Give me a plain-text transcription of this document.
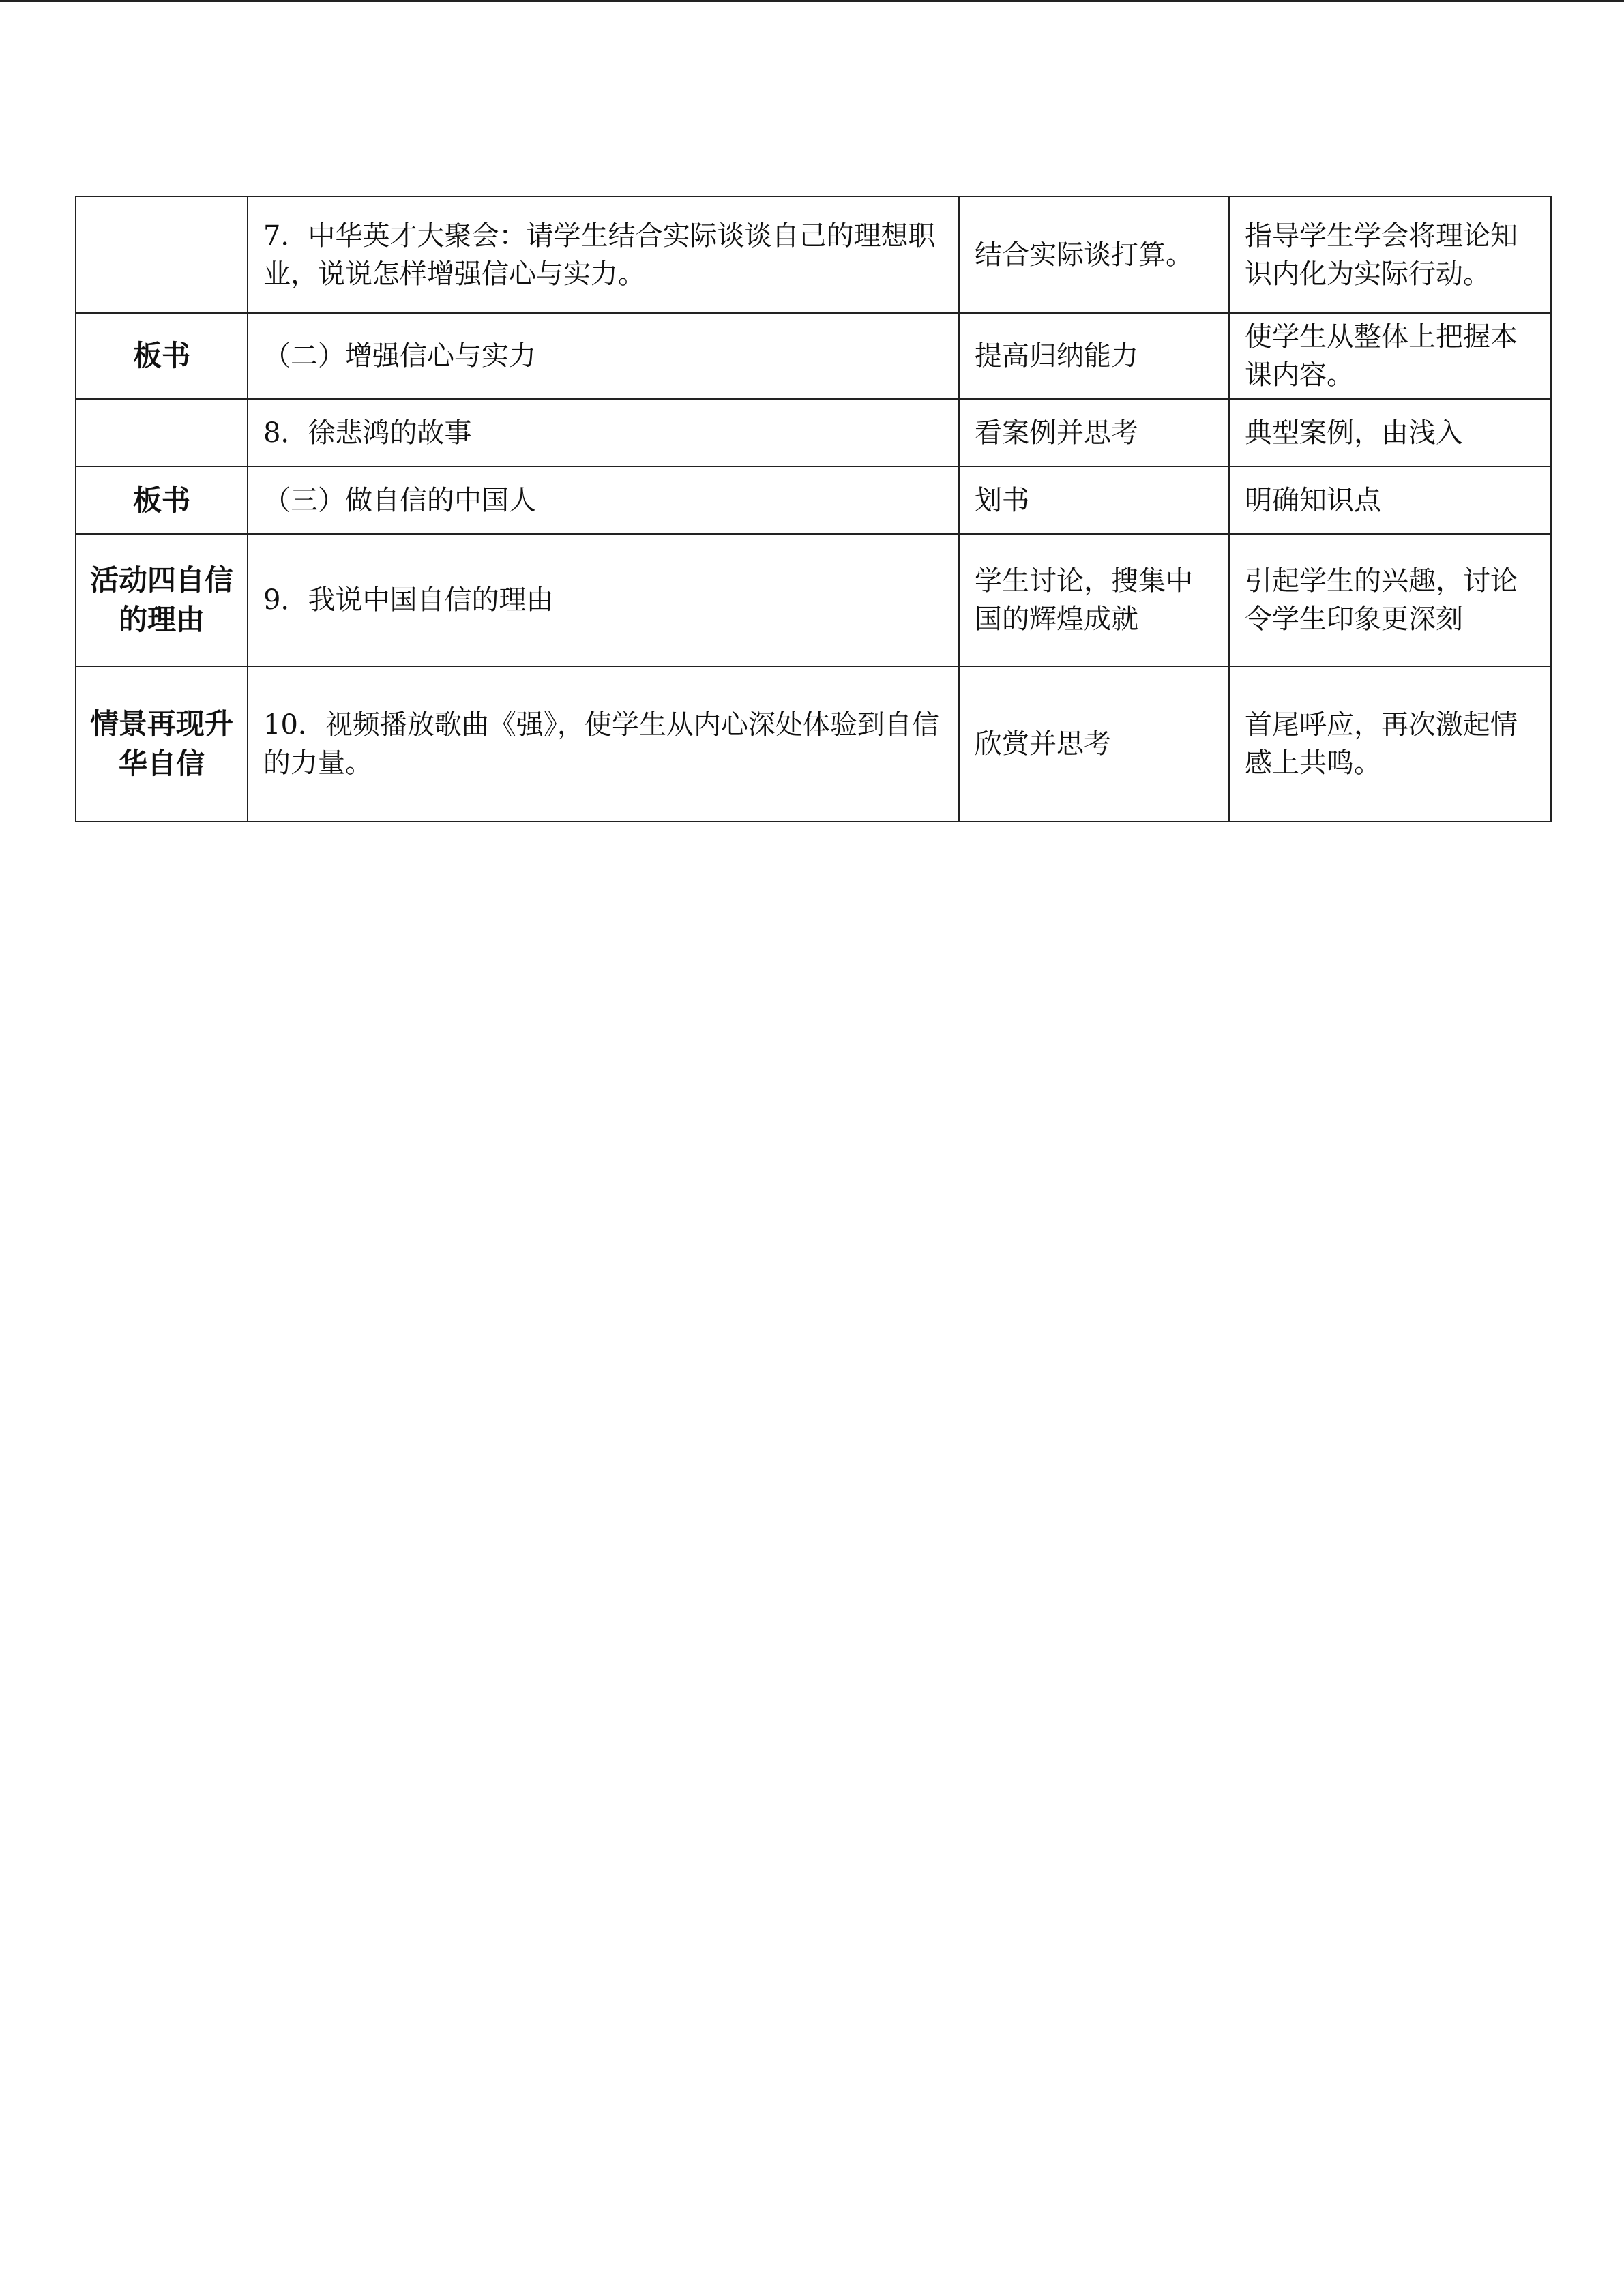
	7．中华英才大聚会：请学生结合实际谈谈自己的理想职业，说说怎样增强信心与实力。	结合实际谈打算。	指导学生学会将理论知识内化为实际行动。
板书	（二）增强信心与实力	提高归纳能力	使学生从整体上把握本课内容。
	8．徐悲鸿的故事	看案例并思考	典型案例，由浅入
板书	（三）做自信的中国人	划书	明确知识点
活动四自信的理由	9．我说中国自信的理由	学生讨论，搜集中国的辉煌成就	引起学生的兴趣，讨论令学生印象更深刻
情景再现升华自信	10．视频播放歌曲《强》，使学生从内心深处体验到自信的力量。	欣赏并思考	首尾呼应，再次激起情感上共鸣。
